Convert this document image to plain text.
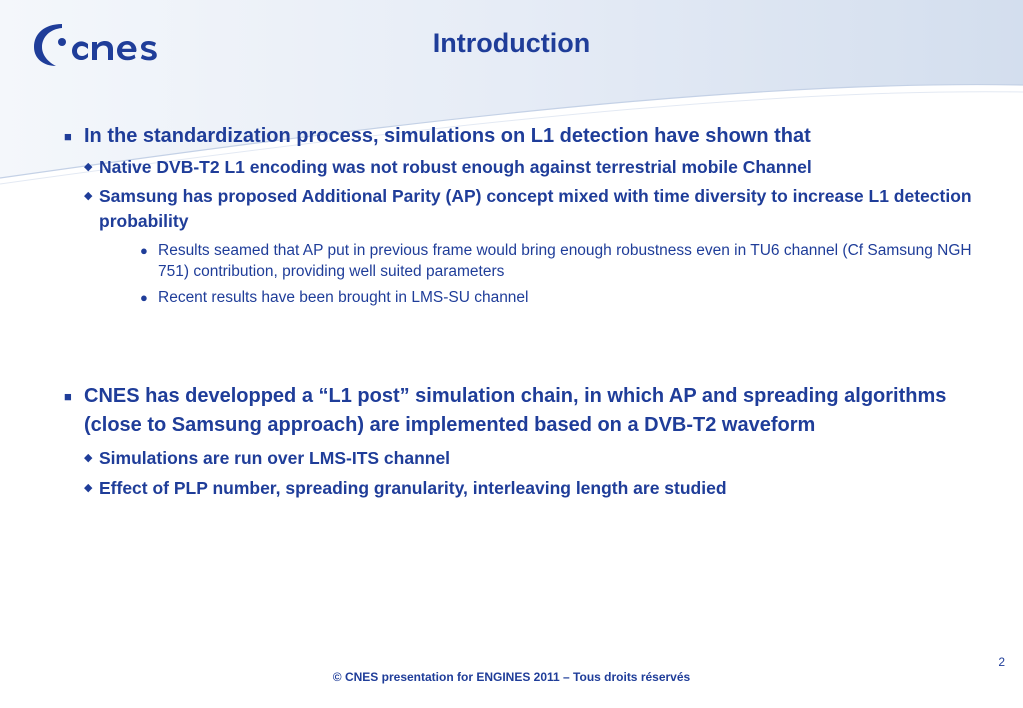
Introduction
■ In the standardization process, simulations on L1 detection have shown that
◆ Native DVB-T2 L1 encoding was not robust enough against terrestrial mobile Channel
◆ Samsung has proposed Additional Parity (AP) concept mixed with time diversity to increase L1 detection probability
● Results seamed that AP put in previous frame would bring enough robustness even in TU6 channel (Cf Samsung NGH 751) contribution, providing well suited parameters
● Recent results have been brought in LMS-SU channel
■ CNES has developped a “L1 post” simulation chain, in which AP and spreading algorithms (close to Samsung approach) are implemented based on a DVB-T2 waveform
◆ Simulations are run over LMS-ITS channel
◆ Effect of PLP number, spreading granularity, interleaving length are studied
2
© CNES presentation for ENGINES 2011 – Tous droits réservés
